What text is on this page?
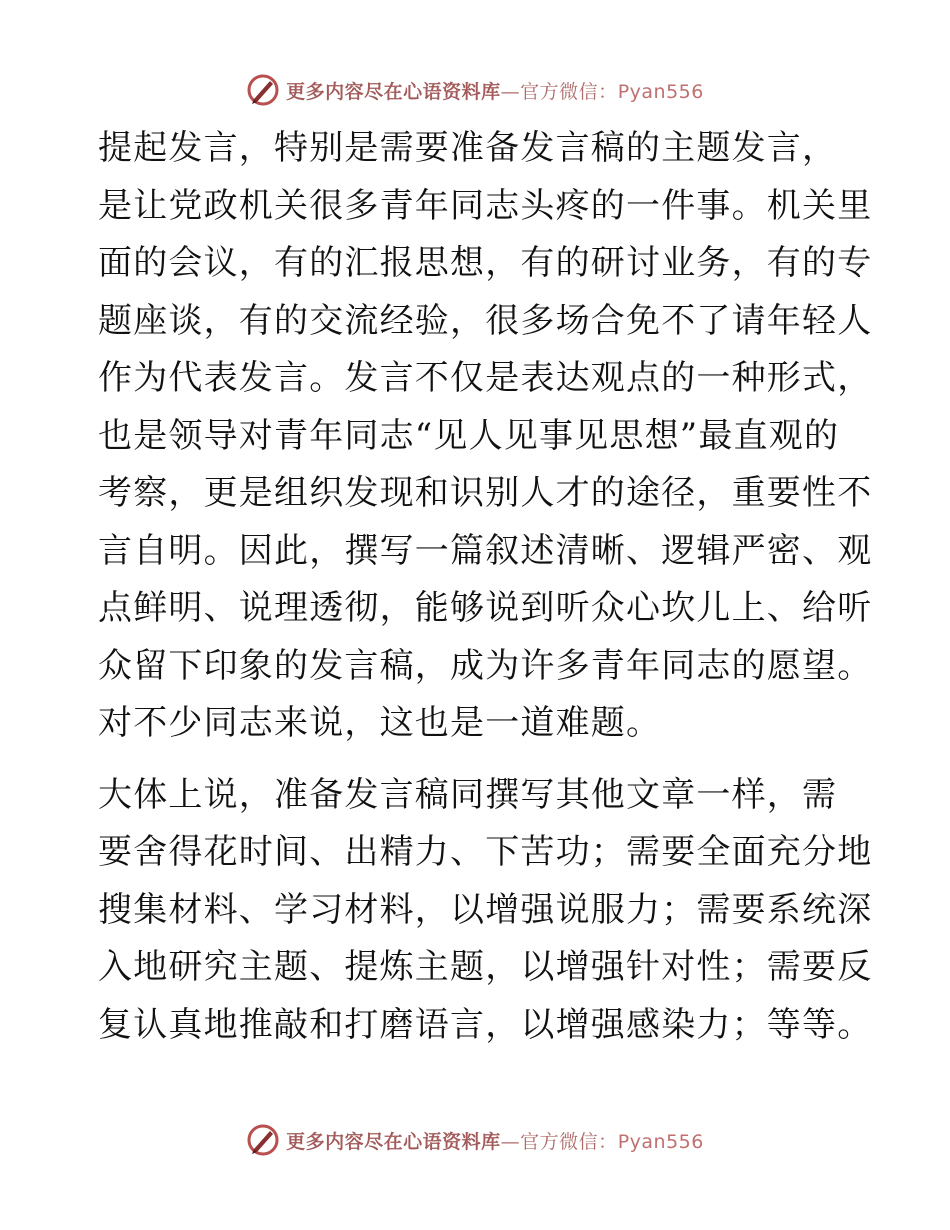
更多内容尽在心语资料库—官方微信：Pyan556

提起发言，特别是需要准备发言稿的主题发言，
是让党政机关很多青年同志头疼的一件事。机关里
面的会议，有的汇报思想，有的研讨业务，有的专
题座谈，有的交流经验，很多场合免不了请年轻人
作为代表发言。发言不仅是表达观点的一种形式，
也是领导对青年同志“见人见事见思想”最直观的
考察，更是组织发现和识别人才的途径，重要性不
言自明。因此，撰写一篇叙述清晰、逻辑严密、观
点鲜明、说理透彻，能够说到听众心坎儿上、给听
众留下印象的发言稿，成为许多青年同志的愿望。
对不少同志来说，这也是一道难题。

大体上说，准备发言稿同撰写其他文章一样，需
要舍得花时间、出精力、下苦功；需要全面充分地
搜集材料、学习材料，以增强说服力；需要系统深
入地研究主题、提炼主题，以增强针对性；需要反
复认真地推敲和打磨语言，以增强感染力；等等。

更多内容尽在心语资料库—官方微信：Pyan556
